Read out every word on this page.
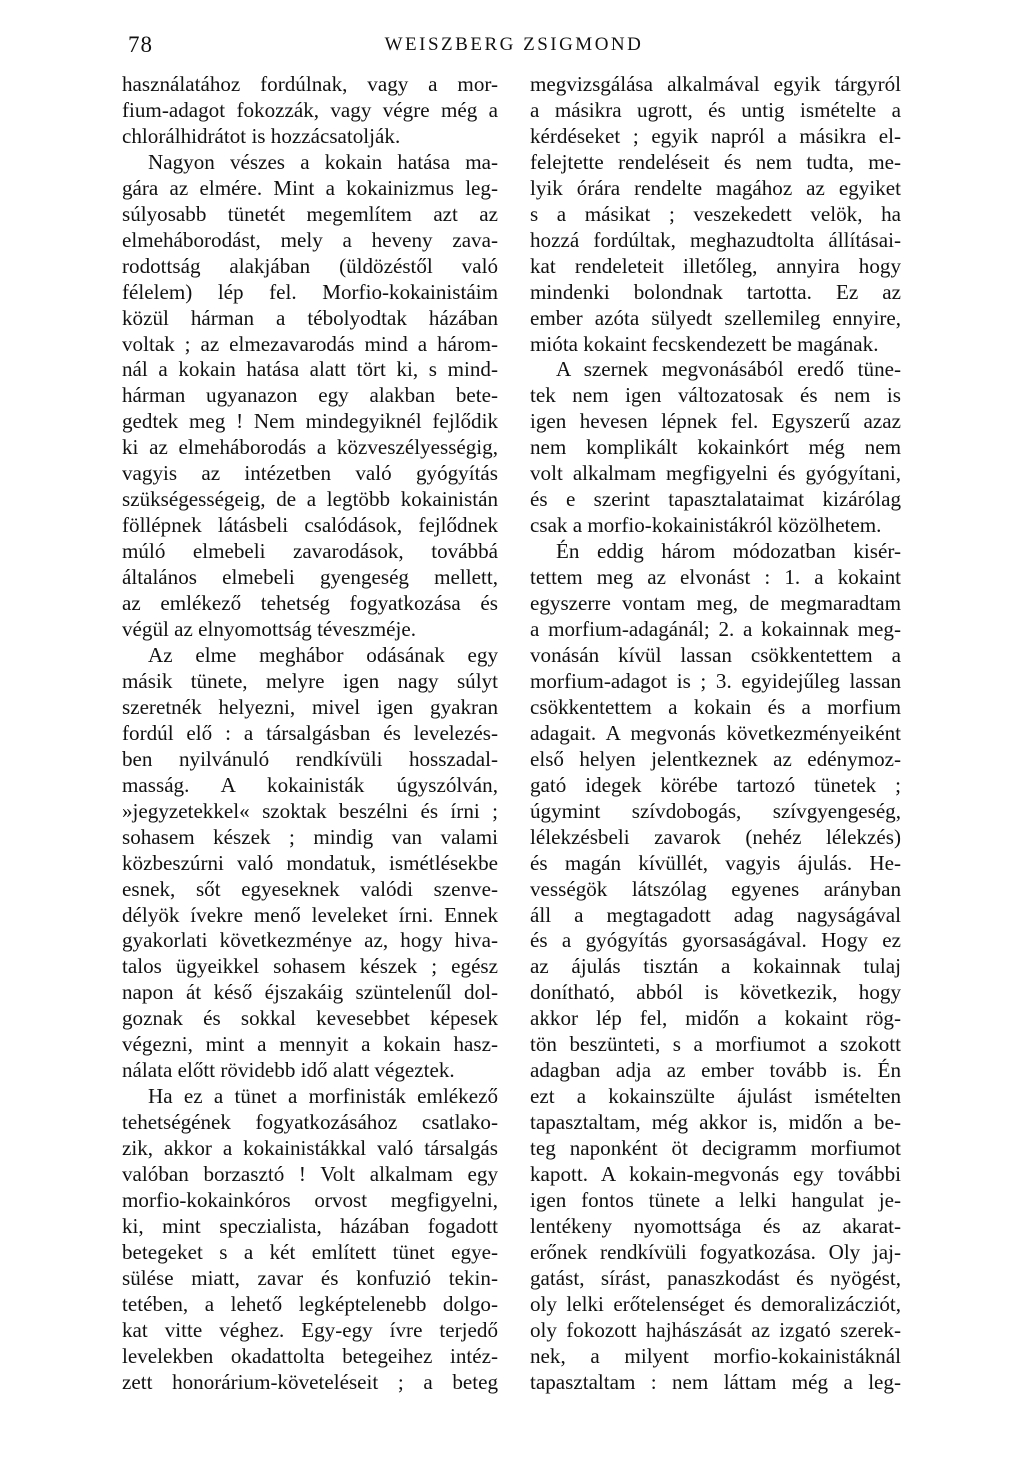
78	WEISZBERG ZSIGMOND
használatához fordúlnak, vagy a mor-
fium-adagot fokozzák, vagy végre még a
chlorálhidrátot is hozzácsatolják.
Nagyon vészes a kokain hatása ma-
gára az elmére. Mint a kokainizmus leg-
súlyosabb tünetét megemlítem azt az
elmeháborodást, mely a heveny zava-
rodottság alakjában (üldözéstől való
félelem) lép fel. Morfio-kokainistáim
közül hárman a tébolyodtak házában
voltak ; az elmezavarodás mind a három-
nál a kokain hatása alatt tört ki, s mind-
hárman ugyanazon egy alakban bete-
gedtek meg ! Nem mindegyiknél fejlődik
ki az elmeháborodás a közveszélyességig,
vagyis az intézetben való gyógyítás
szükségességeig, de a legtöbb kokainistán
föllépnek látásbeli csalódások, fejlődnek
múló elmebeli zavarodások, továbbá
általános elmebeli gyengeség mellett,
az emlékező tehetség fogyatkozása és
végül az elnyomottság téveszméje.
Az elme meghábor odásának egy
másik tünete, melyre igen nagy súlyt
szeretnék helyezni, mivel igen gyakran
fordúl elő : a társalgásban és levelezés-
ben nyilvánuló rendkívüli hosszadal-
masság. A kokainisták úgyszólván,
»jegyzetekkel« szoktak beszélni és írni ;
sohasem készek ; mindig van valami
közbeszúrni való mondatuk, ismétlésekbe
esnek, sőt egyeseknek valódi szenve-
délyök ívekre menő leveleket írni. Ennek
gyakorlati következménye az, hogy hiva-
talos ügyeikkel sohasem készek ; egész
napon át késő éjszakáig szüntelenűl dol-
goznak és sokkal kevesebbet képesek
végezni, mint a mennyit a kokain hasz-
nálata előtt rövidebb idő alatt végeztek.
Ha ez a tünet a morfinisták emlékező
tehetségének fogyatkozásához csatlako-
zik, akkor a kokainistákkal való társalgás
valóban borzasztó ! Volt alkalmam egy
morfio-kokainkóros orvost megfigyelni,
ki, mint speczialista, házában fogadott
betegeket s a két említett tünet egye-
sülése miatt, zavar és konfuzió tekin-
tetében, a lehető legképtelenebb dolgo-
kat vitte véghez. Egy-egy ívre terjedő
levelekben okadattolta betegeihez intéz-
zett honorárium-követeléseit ; a beteg
megvizsgálása alkalmával egyik tárgyról
a másikra ugrott, és untig ismételte a
kérdéseket ; egyik napról a másikra el-
felejtette rendeléseit és nem tudta, me-
lyik órára rendelte magához az egyiket
s a másikat ; veszekedett velök, ha
hozzá fordúltak, meghazudtolta állításai-
kat rendeleteit illetőleg, annyira hogy
mindenki bolondnak tartotta. Ez az
ember azóta sülyedt szellemileg ennyire,
mióta kokaint fecskendezett be magának.
A szernek megvonásából eredő tüne-
tek nem igen változatosak és nem is
igen hevesen lépnek fel. Egyszerű azaz
nem komplikált kokainkórt még nem
volt alkalmam megfigyelni és gyógyítani,
és e szerint tapasztalataimat kizárólag
csak a morfio-kokainistákról közölhetem.
Én eddig három módozatban kisér-
tettem meg az elvonást : 1. a kokaint
egyszerre vontam meg, de megmaradtam
a morfium-adagánál; 2. a kokainnak meg-
vonásán kívül lassan csökkentettem a
morfium-adagot is ; 3. egyidejűleg lassan
csökkentettem a kokain és a morfium
adagait. A megvonás következményeiként
első helyen jelentkeznek az edénymoz-
gató idegek körébe tartozó tünetek ;
úgymint szívdobogás, szívgyengeség,
lélekzésbeli zavarok (nehéz lélekzés)
és magán kívüllét, vagyis ájulás. He-
vességök látszólag egyenes arányban
áll a megtagadott adag nagyságával
és a gyógyítás gyorsaságával. Hogy ez
az ájulás tisztán a kokainnak tulaj
donítható, abból is következik, hogy
akkor lép fel, midőn a kokaint rög-
tön beszünteti, s a morfiumot a szokott
adagban adja az ember tovább is. Én
ezt a kokainszülte ájulást ismételten
tapasztaltam, még akkor is, midőn a be-
teg naponként öt decigramm morfiumot
kapott. A kokain-megvonás egy további
igen fontos tünete a lelki hangulat je-
lentékeny nyomottsága és az akarat-
erőnek rendkívüli fogyatkozása. Oly jaj-
gatást, sírást, panaszkodást és nyögést,
oly lelki erőtelenséget és demoralizácziót,
oly fokozott hajhászását az izgató szerek-
nek, a milyent morfio-kokainistáknál
tapasztaltam : nem láttam még a leg-
